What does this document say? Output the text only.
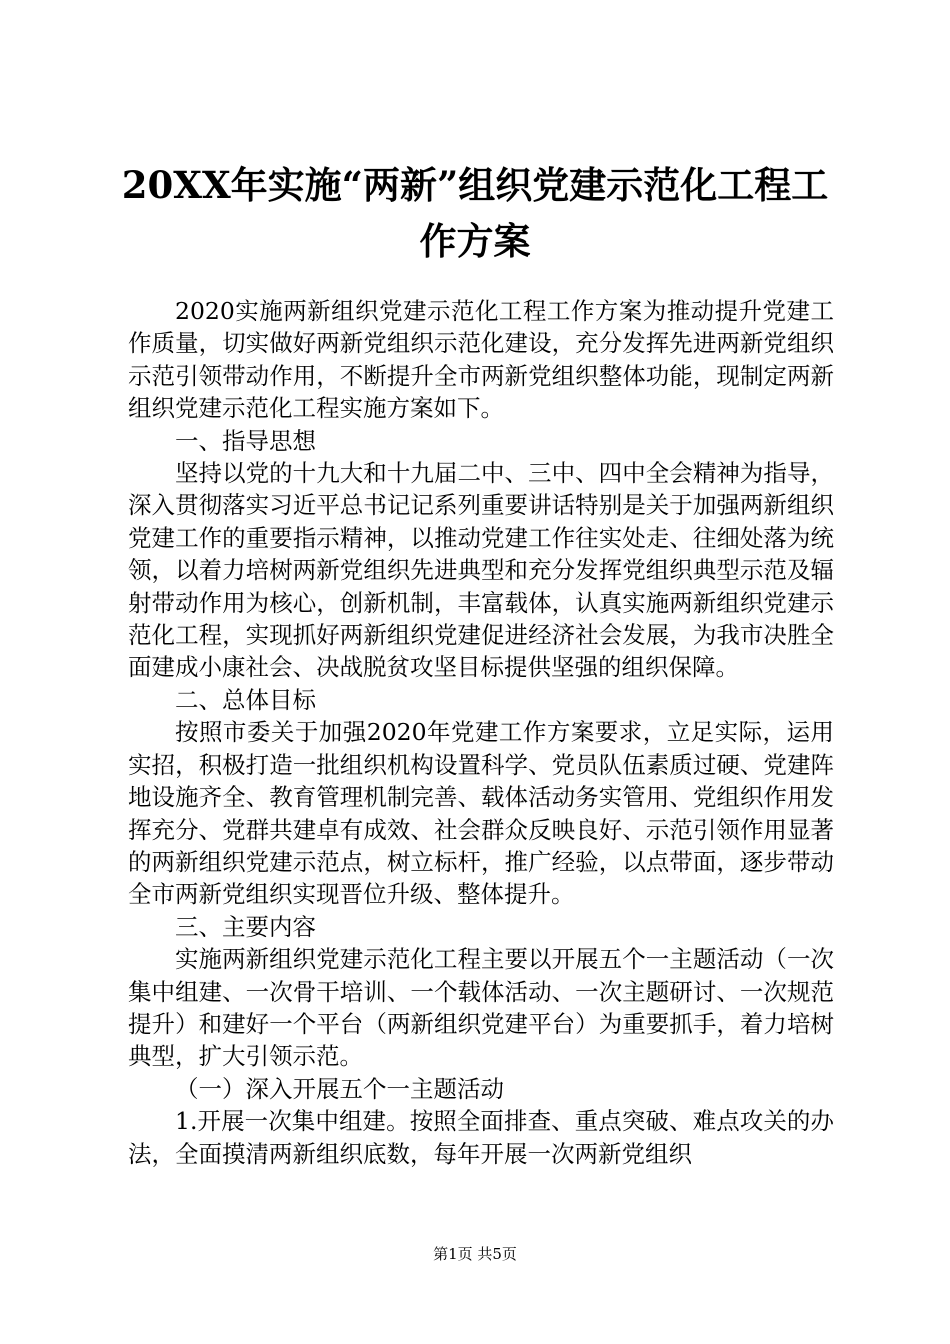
20XX年实施“两新”组织党建示范化工程工
作方案

2020实施两新组织党建示范化工程工作方案为推动提升党建工作质量，切实做好两新党组织示范化建设，充分发挥先进两新党组织示范引领带动作用，不断提升全市两新党组织整体功能，现制定两新组织党建示范化工程实施方案如下。

一、指导思想

坚持以党的十九大和十九届二中、三中、四中全会精神为指导，深入贯彻落实习近平总书记记系列重要讲话特别是关于加强两新组织党建工作的重要指示精神，以推动党建工作往实处走、往细处落为统领，以着力培树两新党组织先进典型和充分发挥党组织典型示范及辐射带动作用为核心，创新机制，丰富载体，认真实施两新组织党建示范化工程，实现抓好两新组织党建促进经济社会发展，为我市决胜全面建成小康社会、决战脱贫攻坚目标提供坚强的组织保障。

二、总体目标

按照市委关于加强2020年党建工作方案要求，立足实际，运用实招，积极打造一批组织机构设置科学、党员队伍素质过硬、党建阵地设施齐全、教育管理机制完善、载体活动务实管用、党组织作用发挥充分、党群共建卓有成效、社会群众反映良好、示范引领作用显著的两新组织党建示范点，树立标杆，推广经验，以点带面，逐步带动全市两新党组织实现晋位升级、整体提升。

三、主要内容

实施两新组织党建示范化工程主要以开展五个一主题活动（一次集中组建、一次骨干培训、一个载体活动、一次主题研讨、一次规范提升）和建好一个平台（两新组织党建平台）为重要抓手，着力培树典型，扩大引领示范。

（一）深入开展五个一主题活动

1.开展一次集中组建。按照全面排查、重点突破、难点攻关的办法，全面摸清两新组织底数，每年开展一次两新党组织

第1页 共5页
